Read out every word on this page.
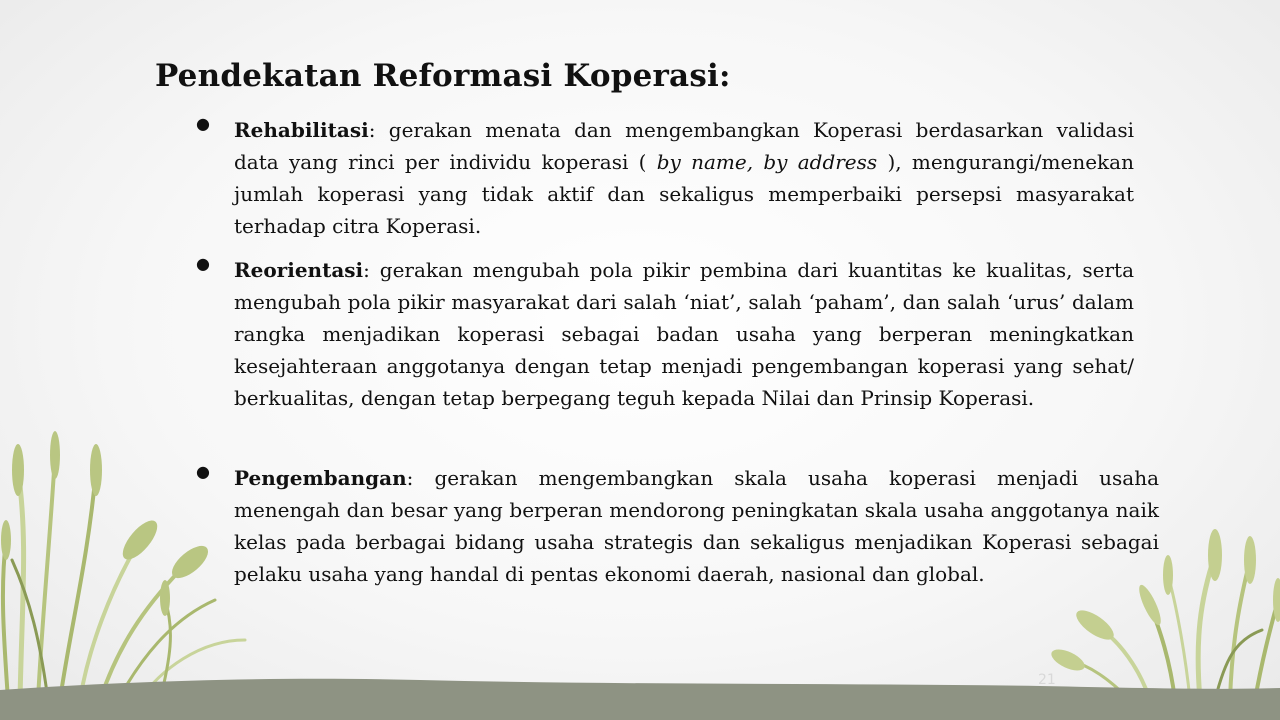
Pendekatan Reformasi Koperasi:
● Rehabilitasi: gerakan menata dan mengembangkan Koperasi berdasarkan validasi data yang rinci per individu koperasi ( by name, by address ), mengurangi/menekan jumlah koperasi yang tidak aktif dan sekaligus memperbaiki persepsi masyarakat terhadap citra Koperasi.

● Reorientasi: gerakan mengubah pola pikir pembina dari kuantitas ke kualitas, serta mengubah pola pikir masyarakat dari salah ‘niat’, salah ‘paham’, dan salah ‘urus’ dalam rangka menjadikan koperasi sebagai badan usaha yang berperan meningkatkan kesejahteraan anggotanya dengan tetap menjadi pengembangan koperasi yang sehat/ berkualitas, dengan tetap berpegang teguh kepada Nilai dan Prinsip Koperasi.

● Pengembangan: gerakan mengembangkan skala usaha koperasi menjadi usaha menengah dan besar yang berperan mendorong peningkatan skala usaha anggotanya naik kelas pada berbagai bidang usaha strategis dan sekaligus menjadikan Koperasi sebagai pelaku usaha yang handal di pentas ekonomi daerah, nasional dan global.

21
